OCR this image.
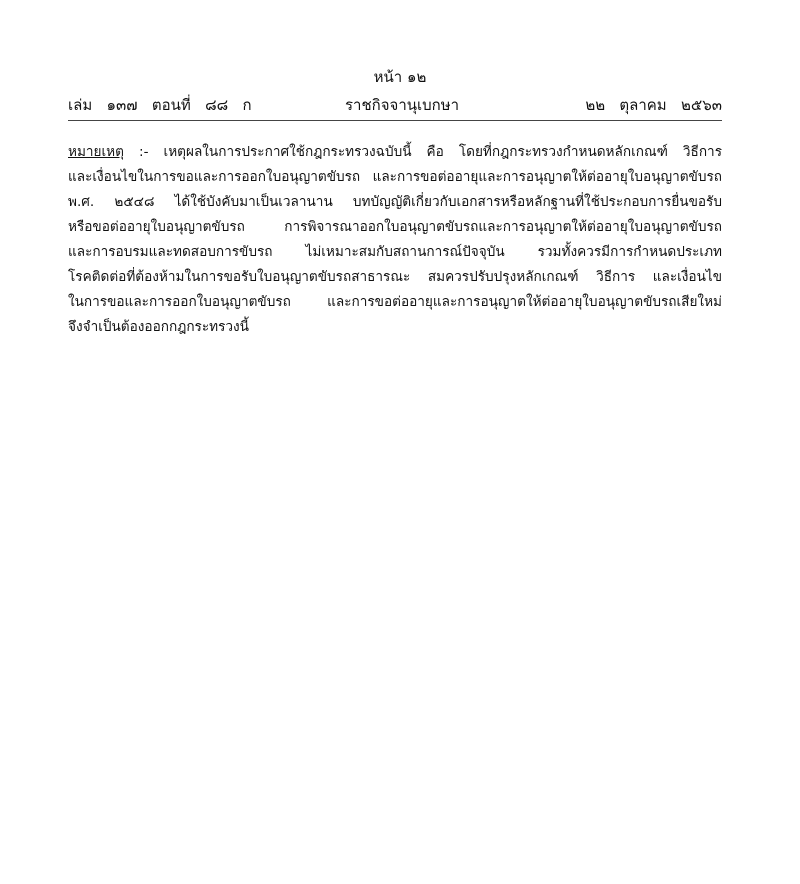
หน้า ๑๒
เล่ม   ๑๓๗   ตอนที่   ๘๘   ก	ราชกิจจานุเบกษา	๒๒   ตุลาคม   ๒๕๖๓
หมายเหตุ :- เหตุผลในการประกาศใช้กฎกระทรวงฉบับนี้ คือ โดยที่กฎกระทรวงกำหนดหลักเกณฑ์ วิธีการ
และเงื่อนไขในการขอและการออกใบอนุญาตขับรถ และการขอต่ออายุและการอนุญาตให้ต่ออายุใบอนุญาตขับรถ
พ.ศ. ๒๕๔๘ ได้ใช้บังคับมาเป็นเวลานาน บทบัญญัติเกี่ยวกับเอกสารหรือหลักฐานที่ใช้ประกอบการยื่นขอรับ
หรือขอต่ออายุใบอนุญาตขับรถ การพิจารณาออกใบอนุญาตขับรถและการอนุญาตให้ต่ออายุใบอนุญาตขับรถ
และการอบรมและทดสอบการขับรถ ไม่เหมาะสมกับสถานการณ์ปัจจุบัน รวมทั้งควรมีการกำหนดประเภท
โรคติดต่อที่ต้องห้ามในการขอรับใบอนุญาตขับรถสาธารณะ สมควรปรับปรุงหลักเกณฑ์ วิธีการ และเงื่อนไข
ในการขอและการออกใบอนุญาตขับรถ และการขอต่ออายุและการอนุญาตให้ต่ออายุใบอนุญาตขับรถเสียใหม่
จึงจำเป็นต้องออกกฎกระทรวงนี้
